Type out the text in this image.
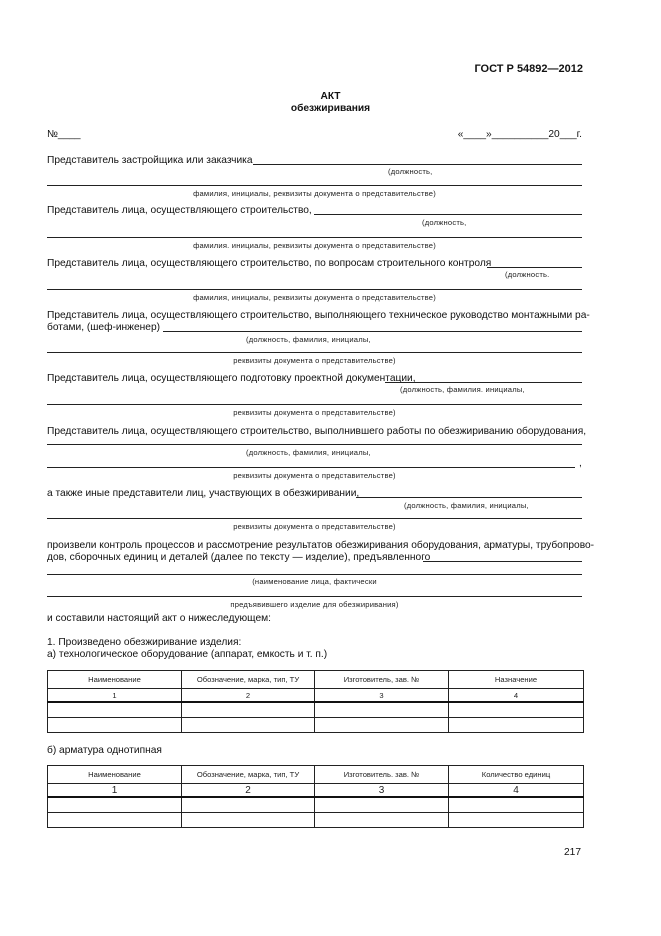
ГОСТ Р 54892—2012
АКТ
обезжиривания
№____	«____»__________20___г.
Представитель застройщика или заказчика
(должность,
фамилия, инициалы, реквизиты документа о представительстве)
Представитель лица, осуществляющего строительство,
(должность,
фамилия. инициалы, реквизиты документа о представительстве)
Представитель лица, осуществляющего строительство, по вопросам строительного контроля
(должность.
фамилия, инициалы, реквизиты документа о представительстве)
Представитель лица, осуществляющего строительство, выполняющего техническое руководство монтажными ра-
ботами, (шеф-инженер)
(должность, фамилия, инициалы,
реквизиты документа о представительстве)
Представитель лица, осуществляющего подготовку проектной документации,
(должность, фамилия. инициалы,
реквизиты документа о представительстве)
Представитель лица, осуществляющего строительство, выполнившего работы по обезжириванию оборудования,
(должность, фамилия, инициалы,
,
реквизиты документа о представительстве)
а также иные представители лиц, участвующих в обезжиривании,
(должность, фамилия, инициалы,
реквизиты документа о представительстве)
произвели контроль процессов и рассмотрение результатов обезжиривания оборудования, арматуры, трубопрово-
дов, сборочных единиц и деталей (далее по тексту — изделие), предъявленного
(наименование лица, фактически
предъявившего изделие для обезжиривания)
и составили настоящий акт о нижеследующем:
1. Произведено обезжиривание изделия:
а) технологическое оборудование (аппарат, емкость и т. п.)
Наименование	Обозначение, марка, тип, ТУ	Изготовитель, зав. №	Назначение
1	2	3	4

б) арматура однотипная
Наименование	Обозначение, марка, тип, ТУ	Изготовитель. зав. №	Количество единиц
1	2	3	4

217
